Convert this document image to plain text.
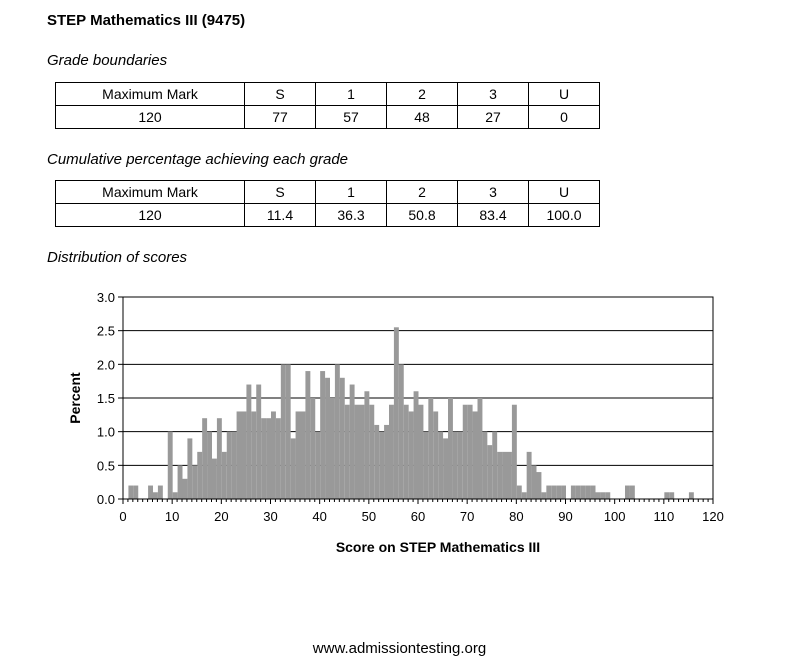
STEP Mathematics III (9475)
Grade boundaries
Maximum Mark	S	1	2	3	U
120	77	57	48	27	0
Cumulative percentage achieving each grade
Maximum Mark	S	1	2	3	U
120	11.4	36.3	50.8	83.4	100.0
Distribution of scores
0.0
0.5
1.0
1.5
2.0
2.5
3.0
0	10	20	30	40	50	60	70	80	90 100 110 120
Percent
Score on STEP Mathematics III
www.admissiontesting.org
